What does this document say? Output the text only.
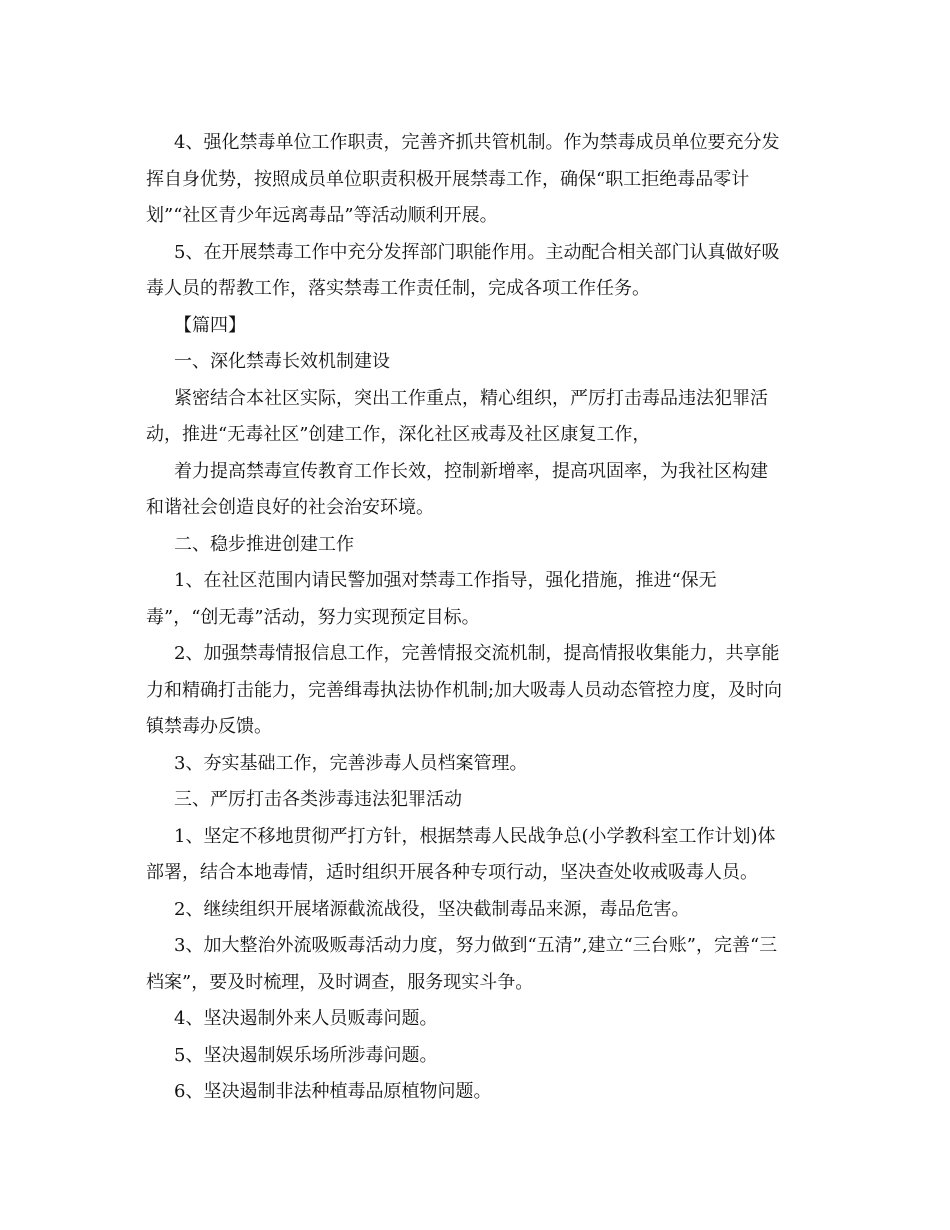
4、强化禁毒单位工作职责，完善齐抓共管机制。作为禁毒成员单位要充分发
挥自身优势，按照成员单位职责积极开展禁毒工作，确保“职工拒绝毒品零计
划”“社区青少年远离毒品”等活动顺利开展。
5、在开展禁毒工作中充分发挥部门职能作用。主动配合相关部门认真做好吸
毒人员的帮教工作，落实禁毒工作责任制，完成各项工作任务。
【篇四】
一、深化禁毒长效机制建设
紧密结合本社区实际，突出工作重点，精心组织，严厉打击毒品违法犯罪活
动，推进“无毒社区”创建工作，深化社区戒毒及社区康复工作，
着力提高禁毒宣传教育工作长效，控制新增率，提高巩固率，为我社区构建
和谐社会创造良好的社会治安环境。
二、稳步推进创建工作
1、在社区范围内请民警加强对禁毒工作指导，强化措施，推进“保无
毒”，“创无毒”活动，努力实现预定目标。
2、加强禁毒情报信息工作，完善情报交流机制，提高情报收集能力，共享能
力和精确打击能力，完善缉毒执法协作机制;加大吸毒人员动态管控力度，及时向
镇禁毒办反馈。
3、夯实基础工作，完善涉毒人员档案管理。
三、严厉打击各类涉毒违法犯罪活动
1、坚定不移地贯彻严打方针，根据禁毒人民战争总(小学教科室工作计划)体
部署，结合本地毒情，适时组织开展各种专项行动，坚决查处收戒吸毒人员。
2、继续组织开展堵源截流战役，坚决截制毒品来源，毒品危害。
3、加大整治外流吸贩毒活动力度，努力做到“五清”,建立“三台账”，完善“三
档案”，要及时梳理，及时调查，服务现实斗争。
4、坚决遏制外来人员贩毒问题。
5、坚决遏制娱乐场所涉毒问题。
6、坚决遏制非法种植毒品原植物问题。
